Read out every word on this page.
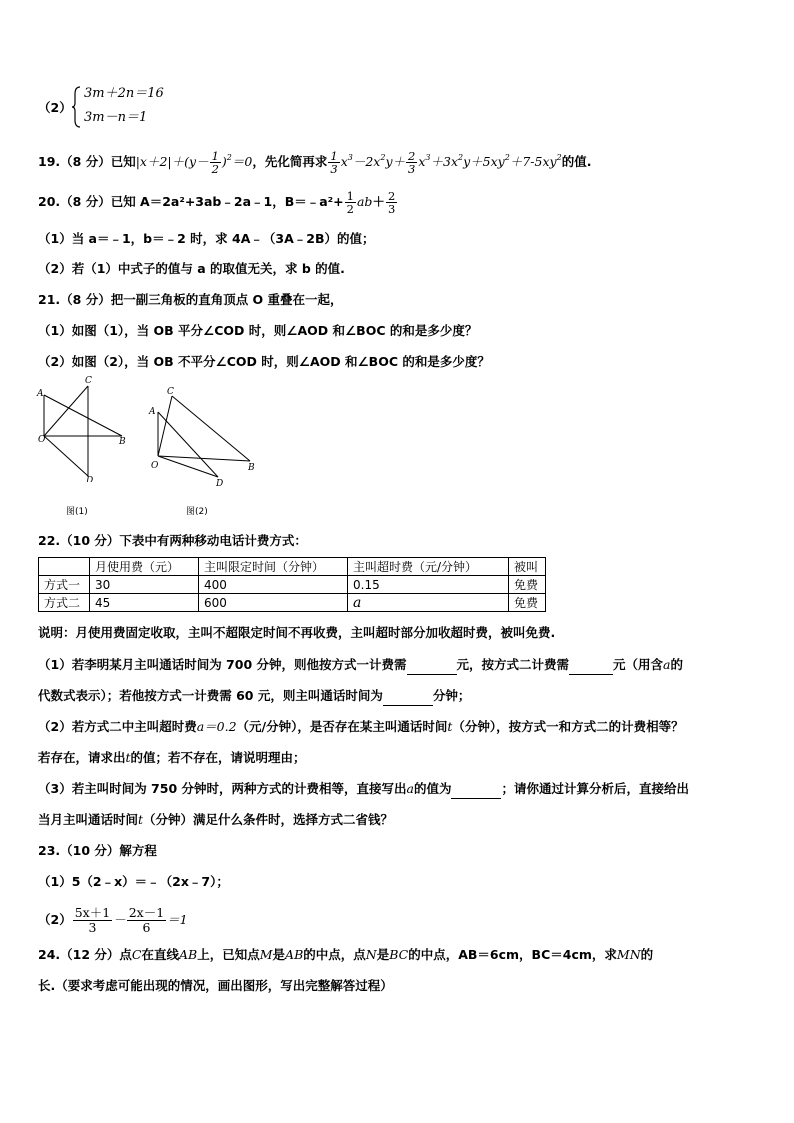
（2）
3m＋2n＝16
3m－n＝1
19.（8 分）已知$|x+2|+(y- \frac{1}{2} )^2=0$，先化简再求 $\frac{1}{3} x^3-2x^2y+ \frac{2}{3} x^3+3x^2y+5xy^2+7-5xy^2$的值.
20.（8 分）已知 A＝2a²+3ab﹣2a﹣1，B＝﹣a²+ $\frac{1}{2} ab+ \frac{2}{3}$
（1）当 a＝﹣1，b＝﹣2 时，求 4A﹣（3A﹣2B）的值；
（2）若（1）中式子的值与 a 的取值无关，求 b 的值.
21.（8 分）把一副三角板的直角顶点 O 重叠在一起，
（1）如图（1），当 OB 平分∠COD 时，则∠AOD 和∠BOC 的和是多少度？
（2）如图（2），当 OB 不平分∠COD 时，则∠AOD 和∠BOC 的和是多少度？
A
C
O	B
D
图(1)
C
A
O	B
D
图(2)
22.（10 分）下表中有两种移动电话计费方式：
	月使用费（元）	主叫限定时间（分钟）	主叫超时费（元/分钟）	被叫
方式一	30	400	0.15	免费
方式二	45	600	a	免费
说明：月使用费固定收取，主叫不超限定时间不再收费，主叫超时部分加收超时费，被叫免费.
（1）若李明某月主叫通话时间为 700 分钟，则他按方式一计费需	元，按方式二计费需	元（用含a的
代数式表示）；若他按方式一计费需 60 元，则主叫通话时间为	分钟；
（2）若方式二中主叫超时费a＝0.2（元/分钟），是否存在某主叫通话时间t（分钟），按方式一和方式二的计费相等？
若存在，请求出t的值；若不存在，请说明理由；
（3）若主叫时间为 750 分钟时，两种方式的计费相等，直接写出a的值为	；请你通过计算分析后，直接给出
当月主叫通话时间t（分钟）满足什么条件时，选择方式二省钱？
23.（10 分）解方程
（1）5（2﹣x）＝﹣（2x﹣7）；
$(2) \frac{5x+1}{3} - \frac{2x-1}{6} =1$
24.（12 分）点C在直线AB上，已知点M是AB的中点，点N是BC的中点，AB＝6cm，BC＝4cm，求MN的
长.（要求考虑可能出现的情况，画出图形，写出完整解答过程）
